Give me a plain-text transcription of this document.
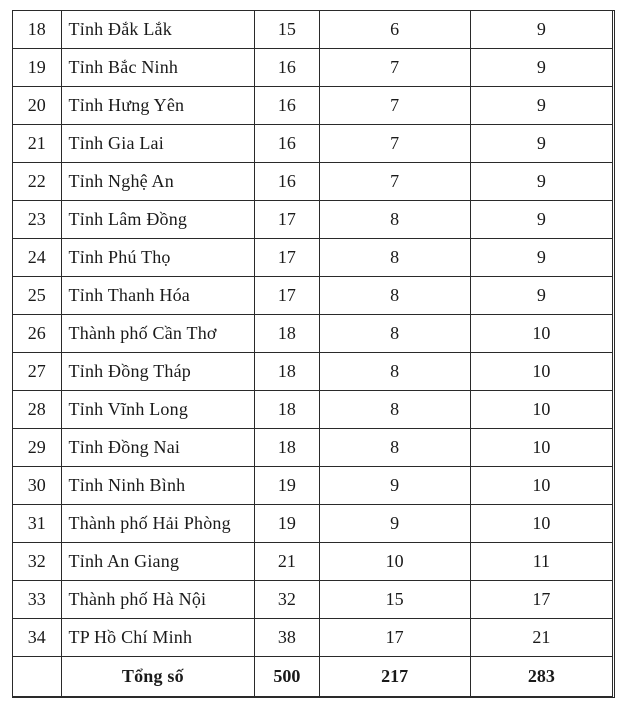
18	Tỉnh Đắk Lắk	15	6	9
19	Tỉnh Bắc Ninh	16	7	9
20	Tỉnh Hưng Yên	16	7	9
21	Tỉnh Gia Lai	16	7	9
22	Tỉnh Nghệ An	16	7	9
23	Tỉnh Lâm Đồng	17	8	9
24	Tỉnh Phú Thọ	17	8	9
25	Tỉnh Thanh Hóa	17	8	9
26	Thành phố Cần Thơ	18	8	10
27	Tỉnh Đồng Tháp	18	8	10
28	Tỉnh Vĩnh Long	18	8	10
29	Tỉnh Đồng Nai	18	8	10
30	Tỉnh Ninh Bình	19	9	10
31	Thành phố Hải Phòng	19	9	10
32	Tỉnh An Giang	21	10	11
33	Thành phố Hà Nội	32	15	17
34	TP Hồ Chí Minh	38	17	21
	Tổng số	500	217	283
